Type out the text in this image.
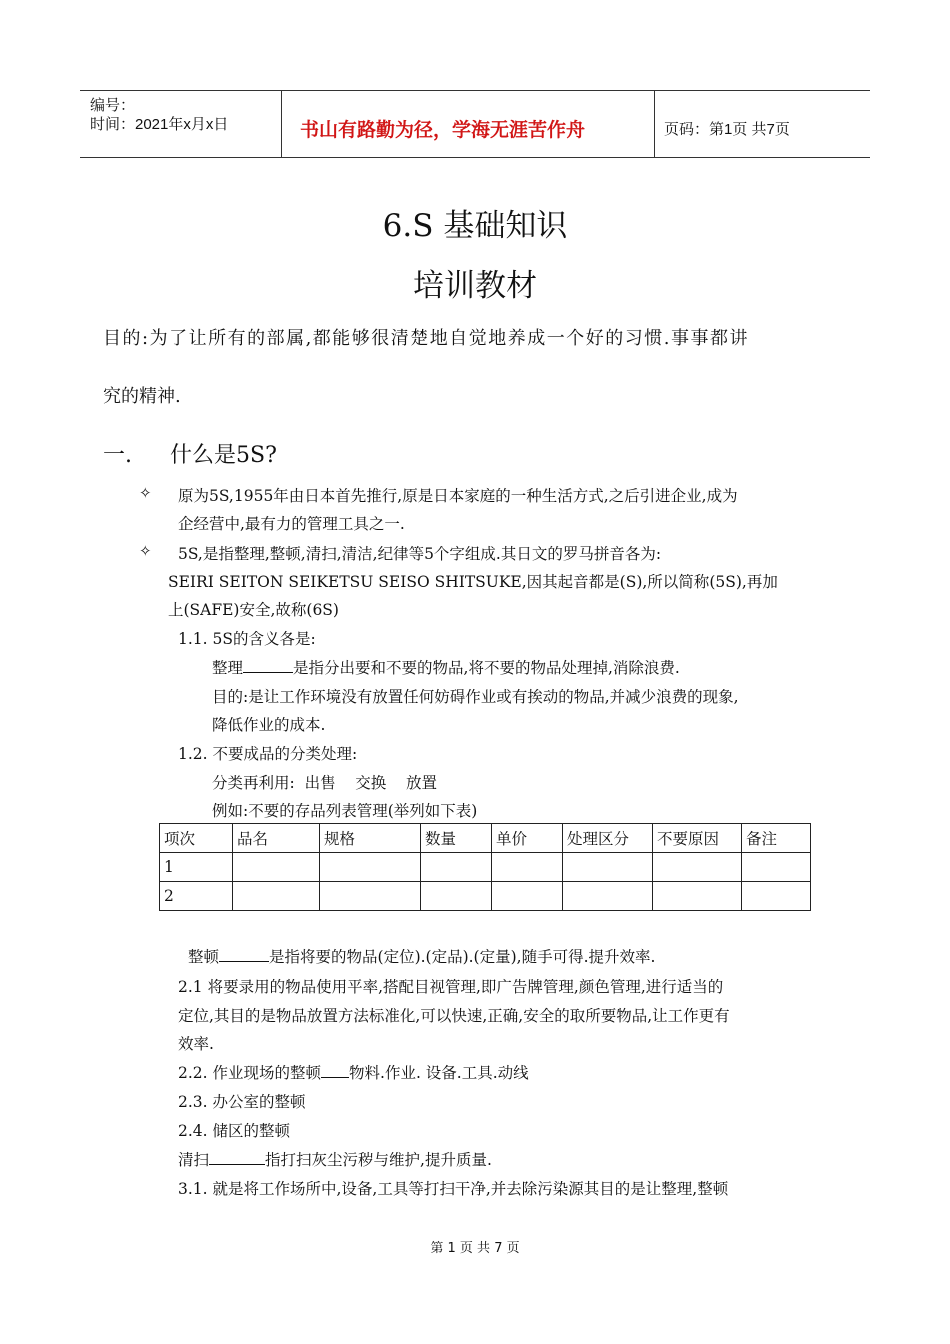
编号：
时间：2021年x月x日	书山有路勤为径，学海无涯苦作舟	页码：第1页 共7页
6.S 基础知识
培训教材
目的:为了让所有的部属,都能够很清楚地自觉地养成一个好的习惯.事事都讲
究的精神.
一. 什么是5S?
✧ 原为5S,1955年由日本首先推行,原是日本家庭的一种生活方式,之后引进企业,成为
企经营中,最有力的管理工具之一.
✧ 5S,是指整理,整顿,清扫,清洁,纪律等5个字组成.其日文的罗马拼音各为:
SEIRI SEITON SEIKETSU SEISO SHITSUKE,因其起音都是(S),所以简称(5S),再加
上(SAFE)安全,故称(6S)
1.1. 5S的含义各是:
整理	是指分出要和不要的物品,将不要的物品处理掉,消除浪费.
目的:是让工作环境没有放置任何妨碍作业或有挨动的物品,并减少浪费的现象,
降低作业的成本.
1.2. 不要成品的分类处理:
分类再利用:  出售    交换    放置
例如:不要的存品列表管理(举列如下表)
项次	品名	规格	数量	单价	处理区分	不要原因	备注
1							
2							
整顿	是指将要的物品(定位).(定品).(定量),随手可得.提升效率.
2.1 将要录用的物品使用平率,搭配目视管理,即广告牌管理,颜色管理,进行适当的
定位,其目的是物品放置方法标准化,可以快速,正确,安全的取所要物品,让工作更有
效率.
2.2. 作业现场的整顿 物料.作业. 设备.工具.动线
2.3. 办公室的整顿
2.4. 储区的整顿
清扫	指打扫灰尘污秽与维护,提升质量.
3.1. 就是将工作场所中,设备,工具等打扫干净,并去除污染源其目的是让整理,整顿
第 1 页 共 7 页
